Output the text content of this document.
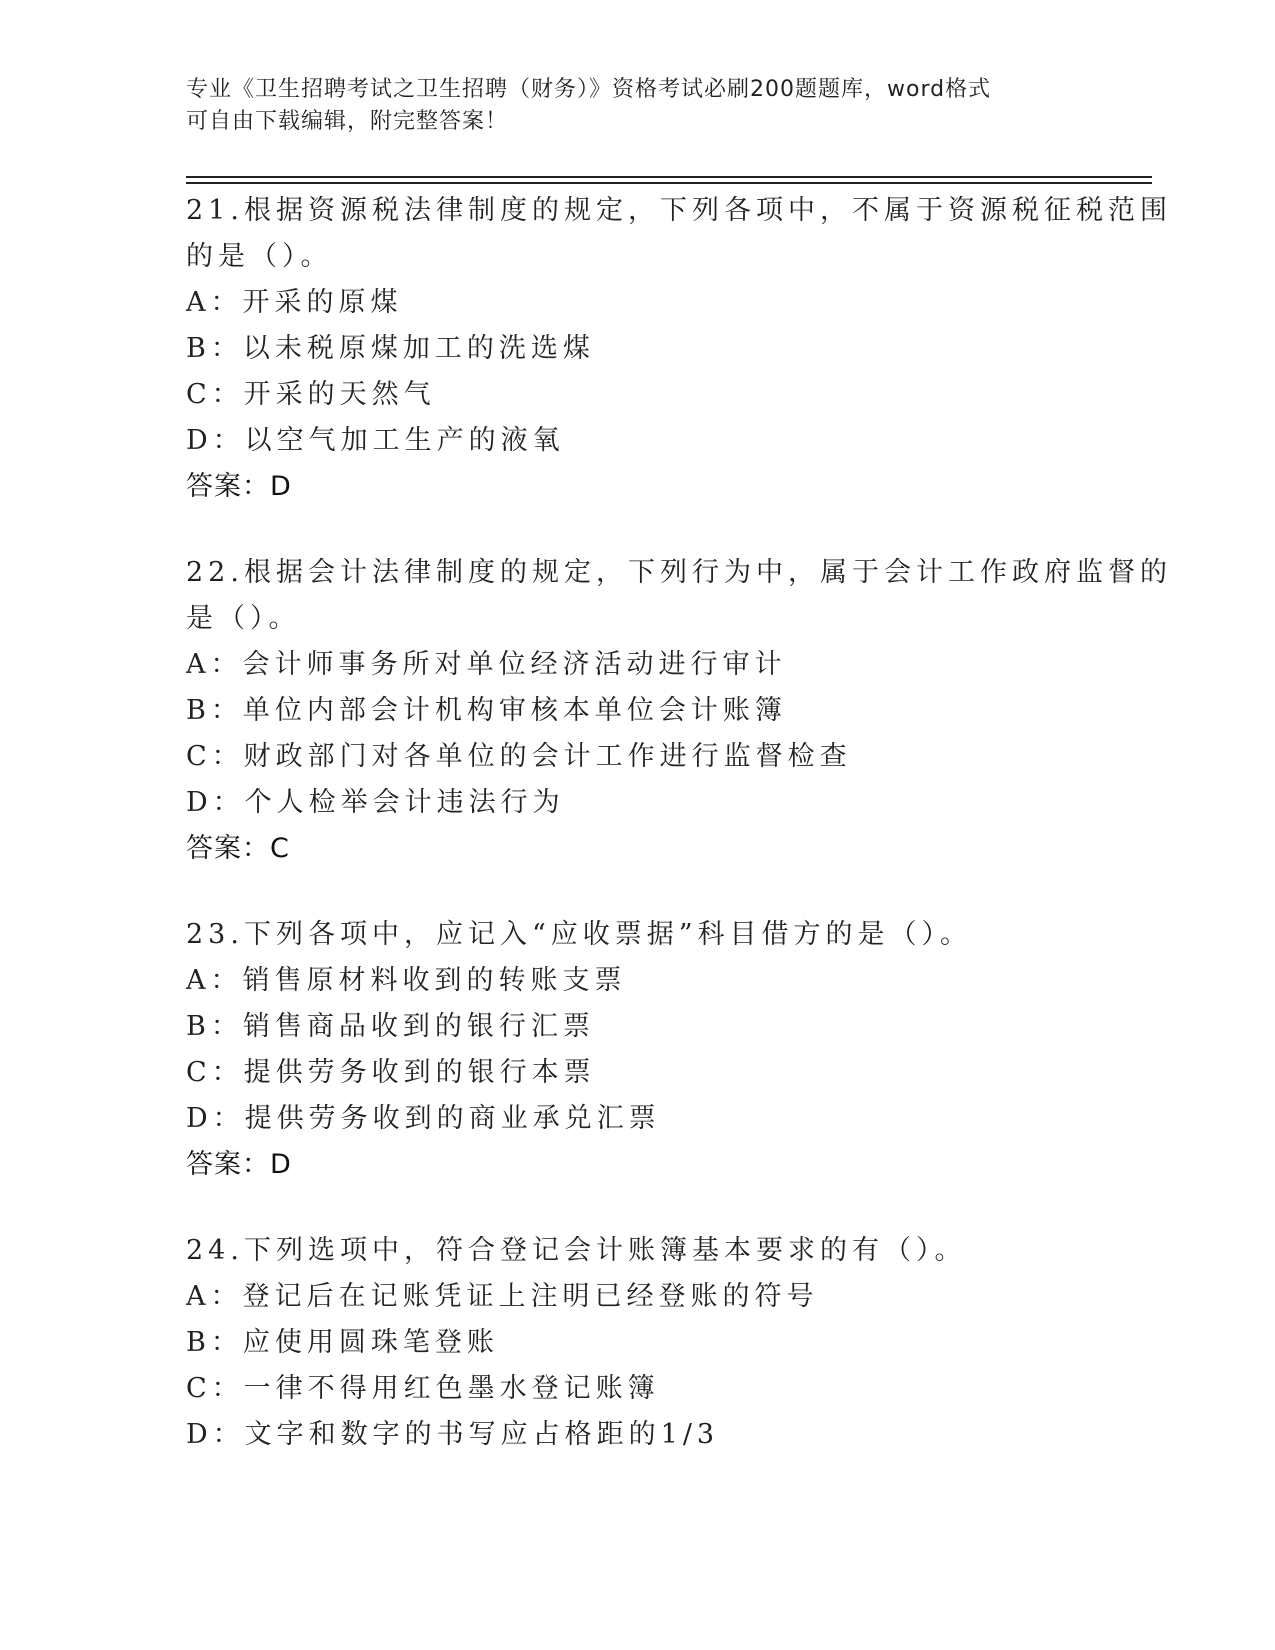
专业《卫生招聘考试之卫生招聘（财务）》资格考试必刷200题题库，word格式
可自由下载编辑，附完整答案！
21.根据资源税法律制度的规定，下列各项中，不属于资源税征税范围
的是（）。
A：开采的原煤
B：以未税原煤加工的洗选煤
C：开采的天然气
D：以空气加工生产的液氧
答案：D
22.根据会计法律制度的规定，下列行为中，属于会计工作政府监督的
是（）。
A：会计师事务所对单位经济活动进行审计
B：单位内部会计机构审核本单位会计账簿
C：财政部门对各单位的会计工作进行监督检查
D：个人检举会计违法行为
答案：C
23.下列各项中，应记入“应收票据”科目借方的是（）。
A：销售原材料收到的转账支票
B：销售商品收到的银行汇票
C：提供劳务收到的银行本票
D：提供劳务收到的商业承兑汇票
答案：D
24.下列选项中，符合登记会计账簿基本要求的有（）。
A：登记后在记账凭证上注明已经登账的符号
B：应使用圆珠笔登账
C：一律不得用红色墨水登记账簿
D：文字和数字的书写应占格距的1/3
